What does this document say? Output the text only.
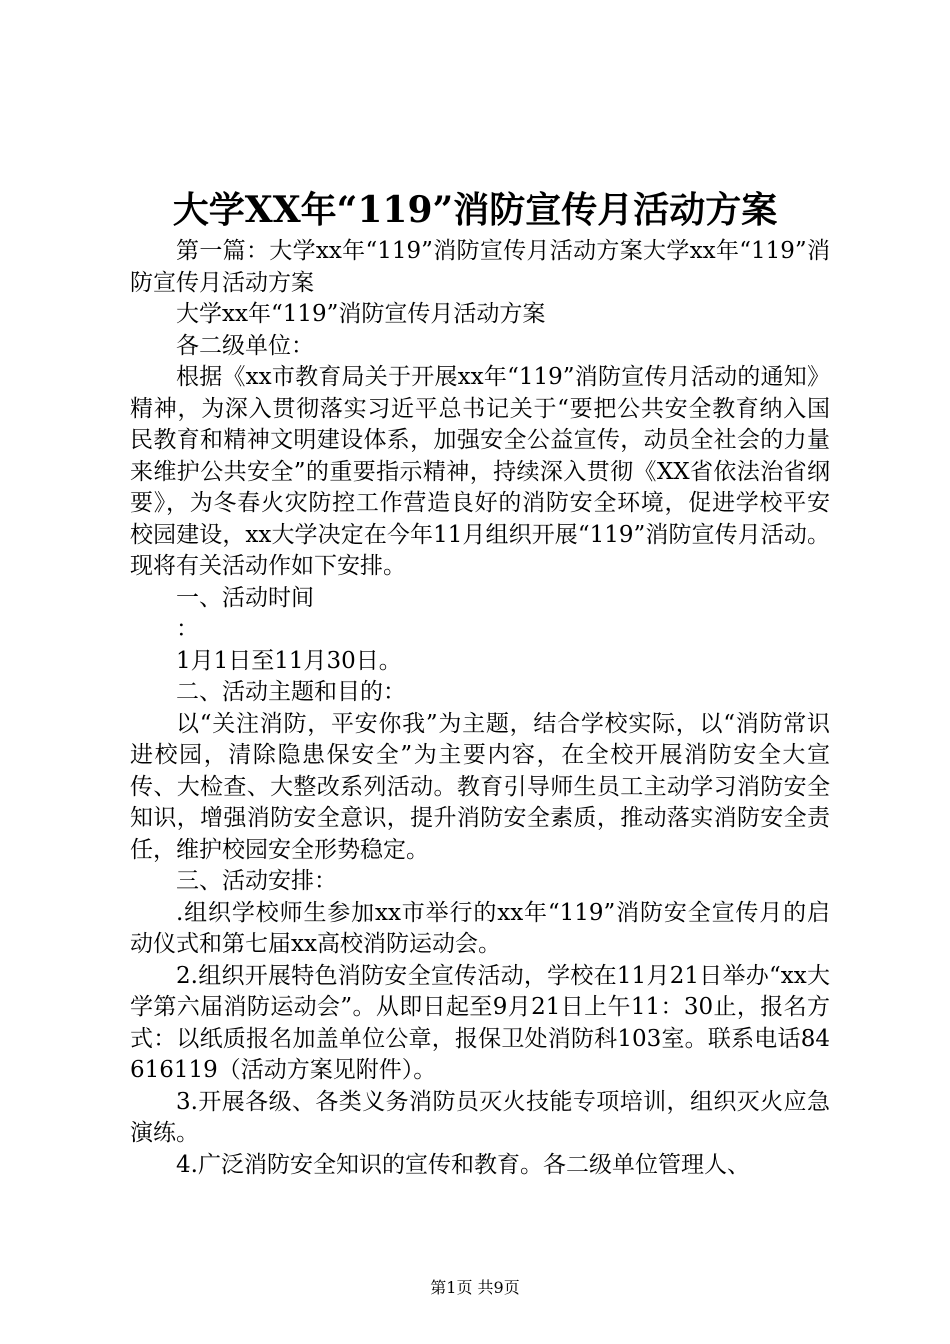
大学XX年“119”消防宣传月活动方案

第一篇：大学xx年“119”消防宣传月活动方案大学xx年“119”消防宣传月活动方案

大学xx年“119”消防宣传月活动方案

各二级单位：

根据《xx市教育局关于开展xx年“119”消防宣传月活动的通知》精神，为深入贯彻落实习近平总书记关于“要把公共安全教育纳入国民教育和精神文明建设体系，加强安全公益宣传，动员全社会的力量来维护公共安全”的重要指示精神，持续深入贯彻《XX省依法治省纲要》，为冬春火灾防控工作营造良好的消防安全环境，促进学校平安校园建设，xx大学决定在今年11月组织开展“119”消防宣传月活动。现将有关活动作如下安排。

一、活动时间

：

1月1日至11月30日。

二、活动主题和目的：

以“关注消防，平安你我”为主题，结合学校实际，以“消防常识进校园，清除隐患保安全”为主要内容，在全校开展消防安全大宣传、大检查、大整改系列活动。教育引导师生员工主动学习消防安全知识，增强消防安全意识，提升消防安全素质，推动落实消防安全责任，维护校园安全形势稳定。

三、活动安排：

.组织学校师生参加xx市举行的xx年“119”消防安全宣传月的启动仪式和第七届xx高校消防运动会。

2.组织开展特色消防安全宣传活动，学校在11月21日举办“xx大学第六届消防运动会”。从即日起至9月21日上午11：30止，报名方式：以纸质报名加盖单位公章，报保卫处消防科103室。联系电话84616119（活动方案见附件）。

3.开展各级、各类义务消防员灭火技能专项培训，组织灭火应急演练。

4.广泛消防安全知识的宣传和教育。各二级单位管理人、

第1页 共9页
